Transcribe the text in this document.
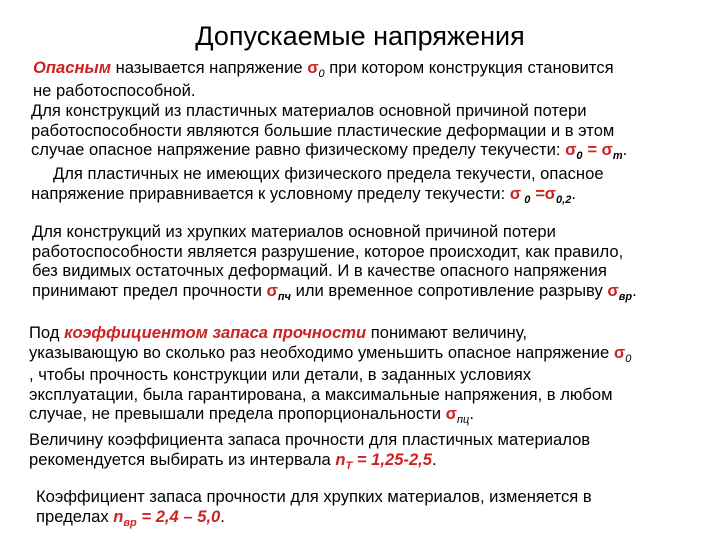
Допускаемые напряжения
Опасным называется напряжение $\sigma_0$ при котором конструкция становится
не работоспособной.
Для конструкций из пластичных материалов основной причиной потери
работоспособности являются большие пластические деформации и в этом
случае опасное напряжение равно физическому пределу текучести: $\sigma_0 = \sigma_т$.
Для пластичных не имеющих физического предела текучести, опасное
напряжение приравнивается к условному пределу текучести: σ $_0 =\sigma_{0,2}$.
Для конструкций из хрупких материалов основной причиной потери
работоспособности является разрушение, которое происходит, как правило,
без видимых остаточных деформаций. И в качестве опасного напряжения
принимают предел прочности $\sigma_{пч}$ или временное сопротивление разрыву $\sigma_{вр}$.
Под коэффициентом запаса прочности понимают величину,
указывающую во сколько раз необходимо уменьшить опасное напряжение $\sigma_0$
, чтобы прочность конструкции или детали, в заданных условиях
эксплуатации, была гарантирована, а максимальные напряжения, в любом
случае, не превышали предела пропорциональности $\sigma_{пц}$.
Величину коэффициента запаса прочности для пластичных материалов
рекомендуется выбирать из интервала $n_T = 1,25-2,5$.
Коэффициент запаса прочности для хрупких материалов, изменяется в
пределах $n_{вр} = 2,4 - 5,0$.
